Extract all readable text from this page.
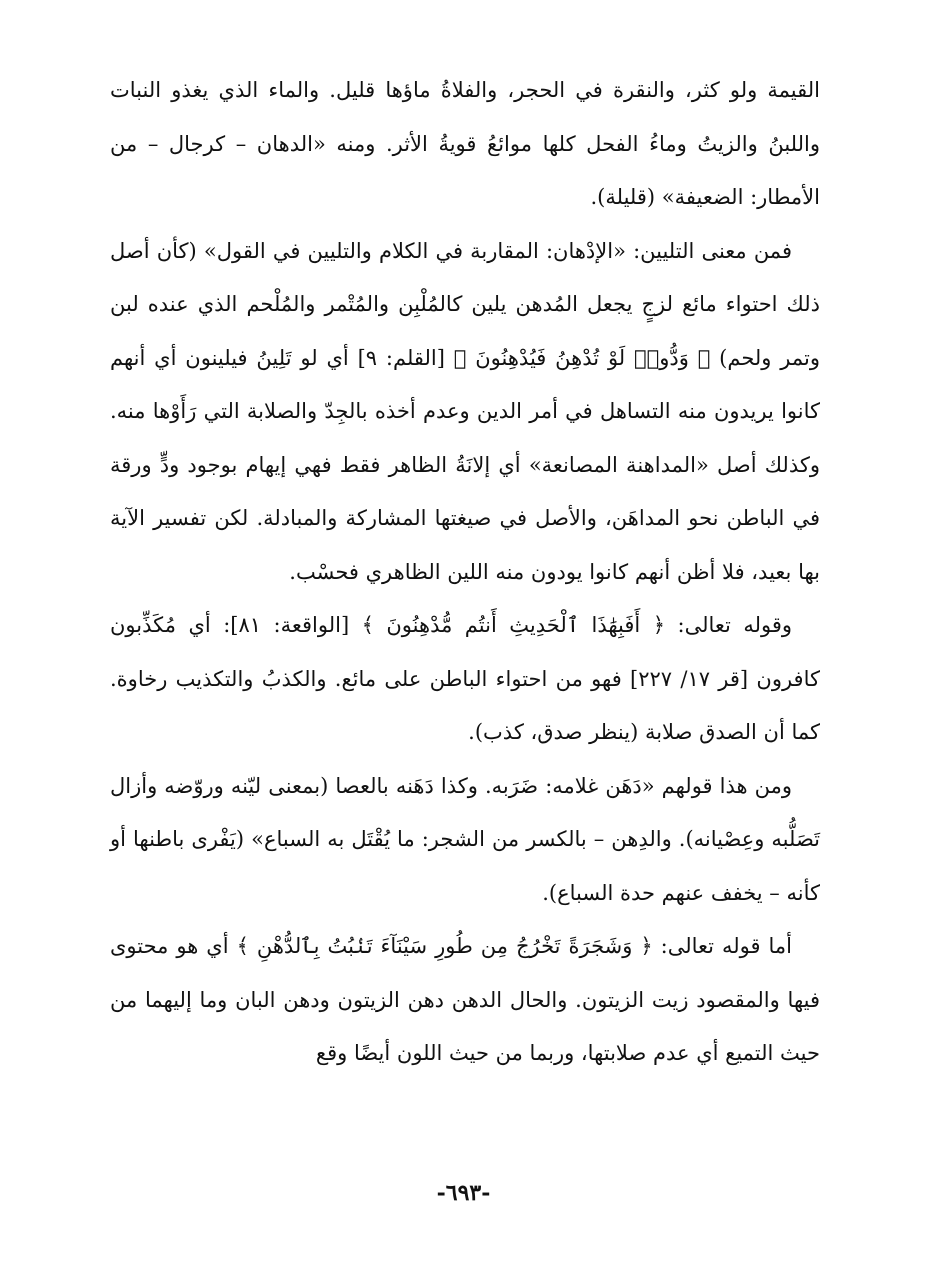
القيمة ولو كثر، والنقرة في الحجر، والفلاةُ ماؤها قليل. والماء الذي يغذو النبات واللبنُ والزيتُ وماءُ الفحل كلها موائعُ قويةُ الأثر. ومنه «الدهان – كرجال – من الأمطار: الضعيفة» (قليلة).

فمن معنى التليين: «الإدْهان: المقاربة في الكلام والتليين في القول» (كأن أصل ذلك احتواء مائع لزجٍ يجعل المُدهن يلين كالمُلْبِن والمُتْمر والمُلْحم الذي عنده لبن وتمر ولحم) ﴿ وَدُّوا۟ لَوْ تُدْهِنُ فَيُدْهِنُونَ ﴾ [القلم: ٩] أي لو تَلِينُ فيلينون أي أنهم كانوا يريدون منه التساهل في أمر الدين وعدم أخذه بالجِدّ والصلابة التي رَأَوْها منه. وكذلك أصل «المداهنة المصانعة» أي إلانَةُ الظاهر فقط فهي إيهام بوجود ودٍّ ورقة في الباطن نحو المداهَن، والأصل في صيغتها المشاركة والمبادلة. لكن تفسير الآية بها بعيد، فلا أظن أنهم كانوا يودون منه اللين الظاهري فحسْب.

وقوله تعالى: ﴿ أَفَبِهَٰذَا ٱلْحَدِيثِ أَنتُم مُّدْهِنُونَ ﴾ [الواقعة: ٨١]: أي مُكَذِّبون كافرون [قر ١٧/ ٢٢٧] فهو من احتواء الباطن على مائع. والكذبُ والتكذيب رخاوة. كما أن الصدق صلابة (ينظر صدق، كذب).

ومن هذا قولهم «دَهَن غلامه: ضَرَبه. وكذا دَهَنه بالعصا (بمعنى ليّنه وروّضه وأزال تَصَلُّبه وعِصْيانه). والدِهن – بالكسر من الشجر: ما يُقْتَل به السباع» (يَفْرى باطنها أو كأنه – يخفف عنهم حدة السباع).

أما قوله تعالى: ﴿ وَشَجَرَةً تَخْرُجُ مِن طُورِ سَيْنَآءَ تَنۢبُتُ بِٱلدُّهْنِ ﴾ أي هو محتوى فيها والمقصود زيت الزيتون. والحال الدهن دهن الزيتون ودهن البان وما إليهما من حيث التميع أي عدم صلابتها، وربما من حيث اللون أيضًا وقع

-٦٩٣-
